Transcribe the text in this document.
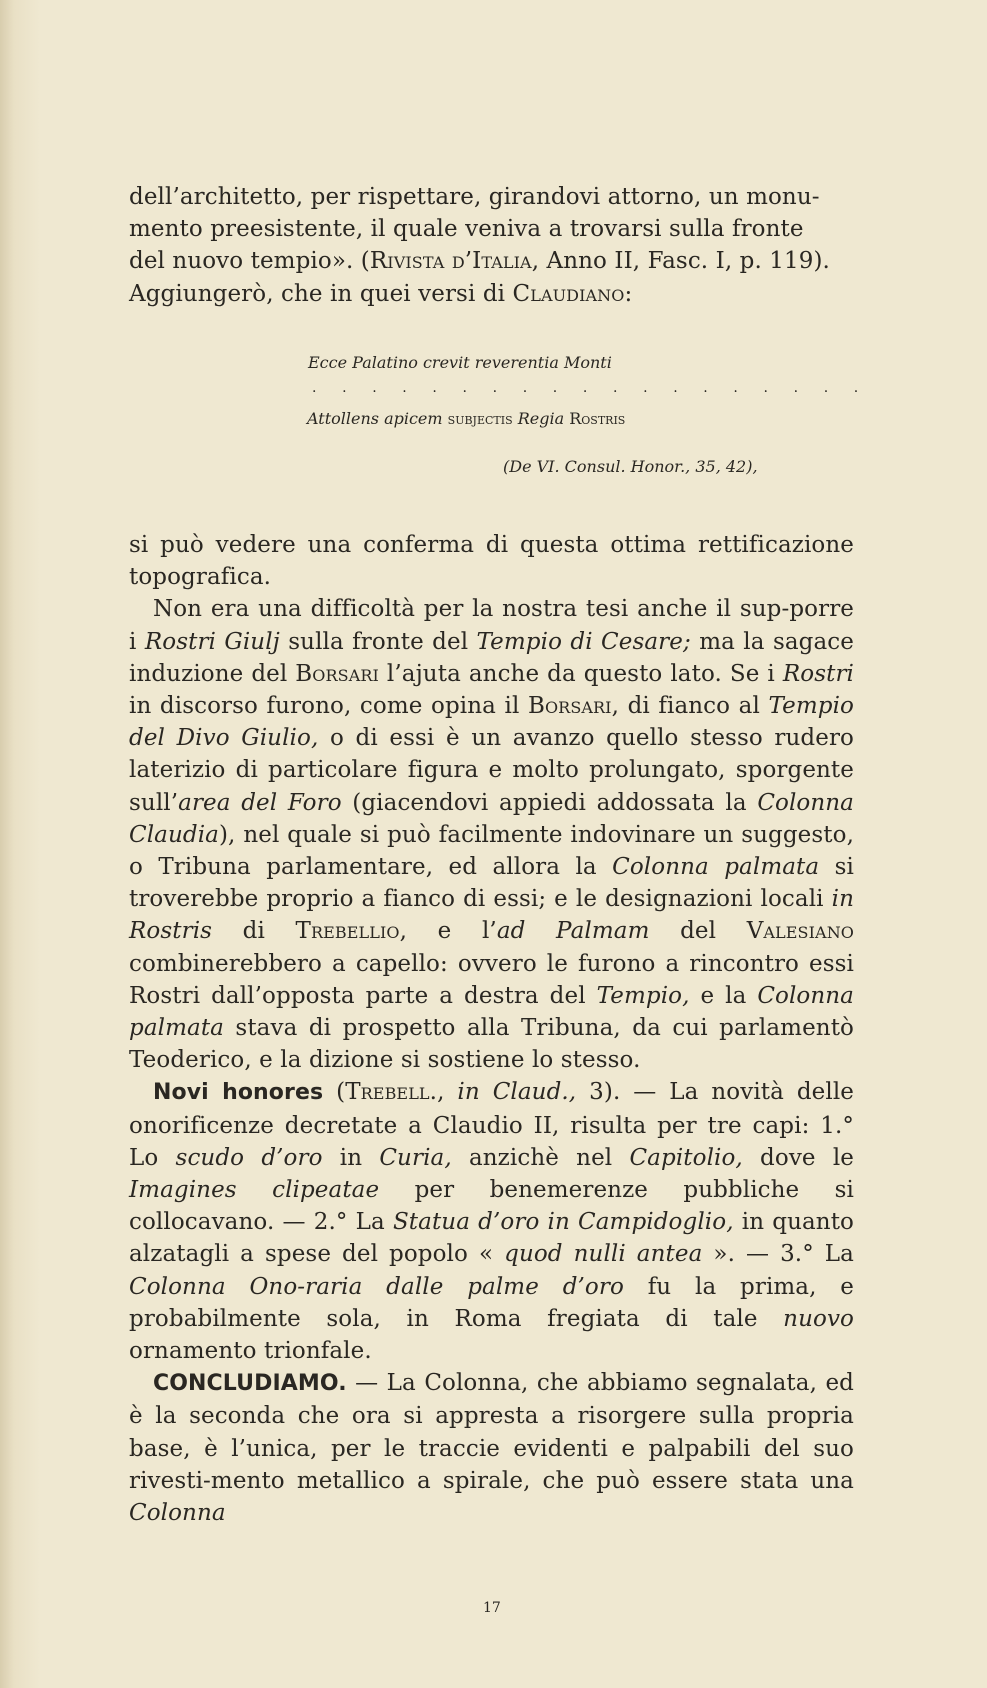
dell’architetto, per rispettare, girandovi attorno, un monu-

mento preesistente, il quale veniva a trovarsi sulla fronte

del nuovo tempio». (Rivista d’Italia, Anno II, Fasc. I, p. 119).

Aggiungerò, che in quei versi di Claudiano:

Ecce Palatino crevit reverentia Monti
. . . . . . . . . . . . . . . . . . .
Attollens apicem subjectis Regia Rostris
(De VI. Consul. Honor., 35, 42),

si può vedere una conferma di questa ottima rettificazione topografica.

Non era una difficoltà per la nostra tesi anche il sup-porre i Rostri Giulj sulla fronte del Tempio di Cesare; ma la sagace induzione del Borsari l’ajuta anche da questo lato. Se i Rostri in discorso furono, come opina il Borsari, di fianco al Tempio del Divo Giulio, o di essi è un avanzo quello stesso rudero laterizio di particolare figura e molto prolungato, sporgente sull’area del Foro (giacendovi appiedi addossata la Colonna Claudia), nel quale si può facilmente indovinare un suggesto, o Tribuna parlamentare, ed allora la Colonna palmata si troverebbe proprio a fianco di essi; e le designazioni locali in Rostris di Trebellio, e l’ad Palmam del Valesiano combinerebbero a capello: ovvero le furono a rincontro essi Rostri dall’opposta parte a destra del Tempio, e la Colonna palmata stava di prospetto alla Tribuna, da cui parlamentò Teoderico, e la dizione si sostiene lo stesso.

Novi honores (Trebell., in Claud., 3). — La novità delle onorificenze decretate a Claudio II, risulta per tre capi: 1.° Lo scudo d’oro in Curia, anzichè nel Capitolio, dove le Imagines clipeatae per benemerenze pubbliche si collocavano. — 2.° La Statua d’oro in Campidoglio, in quanto alzatagli a spese del popolo « quod nulli antea ». — 3.° La Colonna Ono-raria dalle palme d’oro fu la prima, e probabilmente sola, in Roma fregiata di tale nuovo ornamento trionfale.

CONCLUDIAMO. — La Colonna, che abbiamo segnalata, ed è la seconda che ora si appresta a risorgere sulla propria base, è l’unica, per le traccie evidenti e palpabili del suo rivesti-mento metallico a spirale, che può essere stata una Colonna

17
